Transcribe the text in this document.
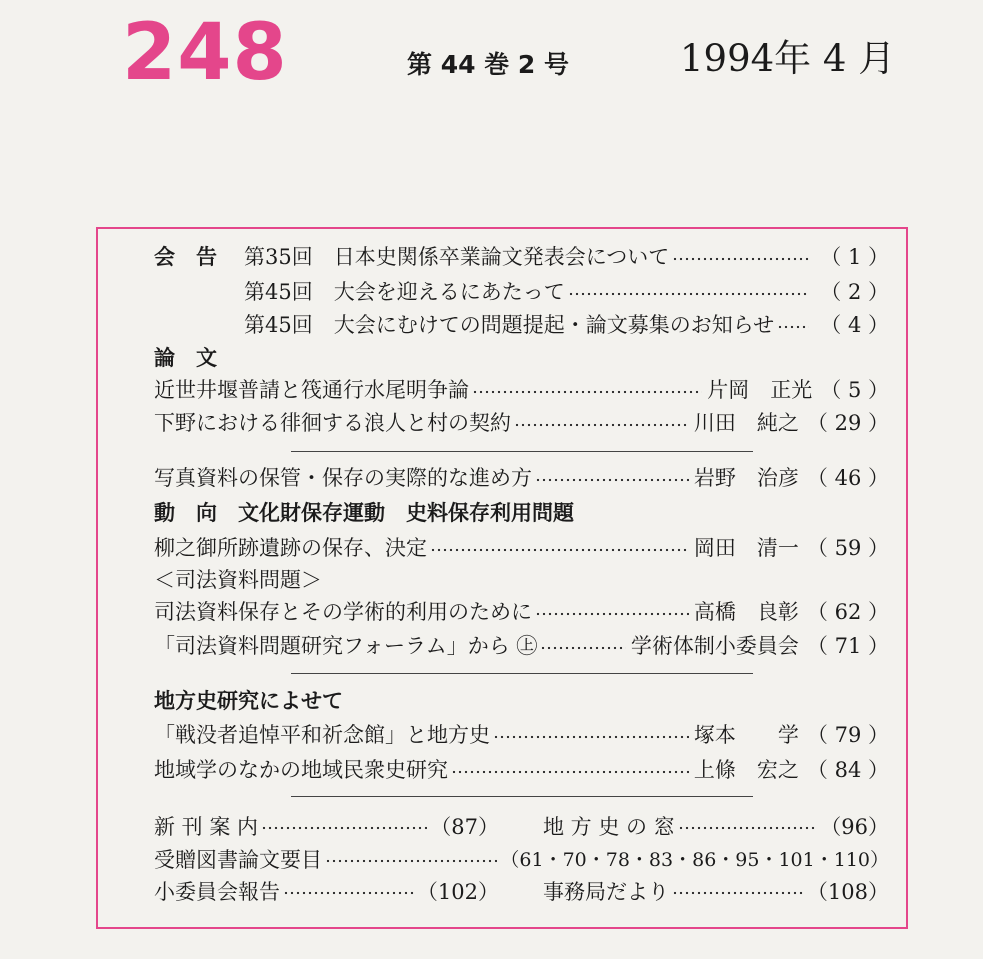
248	第 44 巻 2 号	1994年 4 月
会　告	第35回　日本史関係卒業論文発表会について	（ 1 ）
第45回　大会を迎えるにあたって	（ 2 ）
第45回　大会にむけての問題提起・論文募集のお知らせ （ 4 ）
論　文
近世井堰普請と筏通行水尾明争論	片岡　正光 （ 5 ）
下野における徘徊する浪人と村の契約	川田　純之 （ 29 ）
写真資料の保管・保存の実際的な進め方	岩野　治彦 （ 46 ）
動　向　文化財保存運動　史料保存利用問題
柳之御所跡遺跡の保存、決定	岡田　清一 （ 59 ）
＜司法資料問題＞
司法資料保存とその学術的利用のために	高橋　良彰 （ 62 ）
「司法資料問題研究フォーラム」から ㊤	学術体制小委員会 （ 71 ）
地方史研究によせて
「戦没者追悼平和祈念館」と地方史	塚本　　学 （ 79 ）
地域学のなかの地域民衆史研究	上條　宏之 （ 84 ）
新 刊 案 内	（87） 地 方 史 の 窓	（96）
受贈図書論文要目	（61・70・78・83・86・95・101・110）
小委員会報告	（102） 事務局だより	（108）
